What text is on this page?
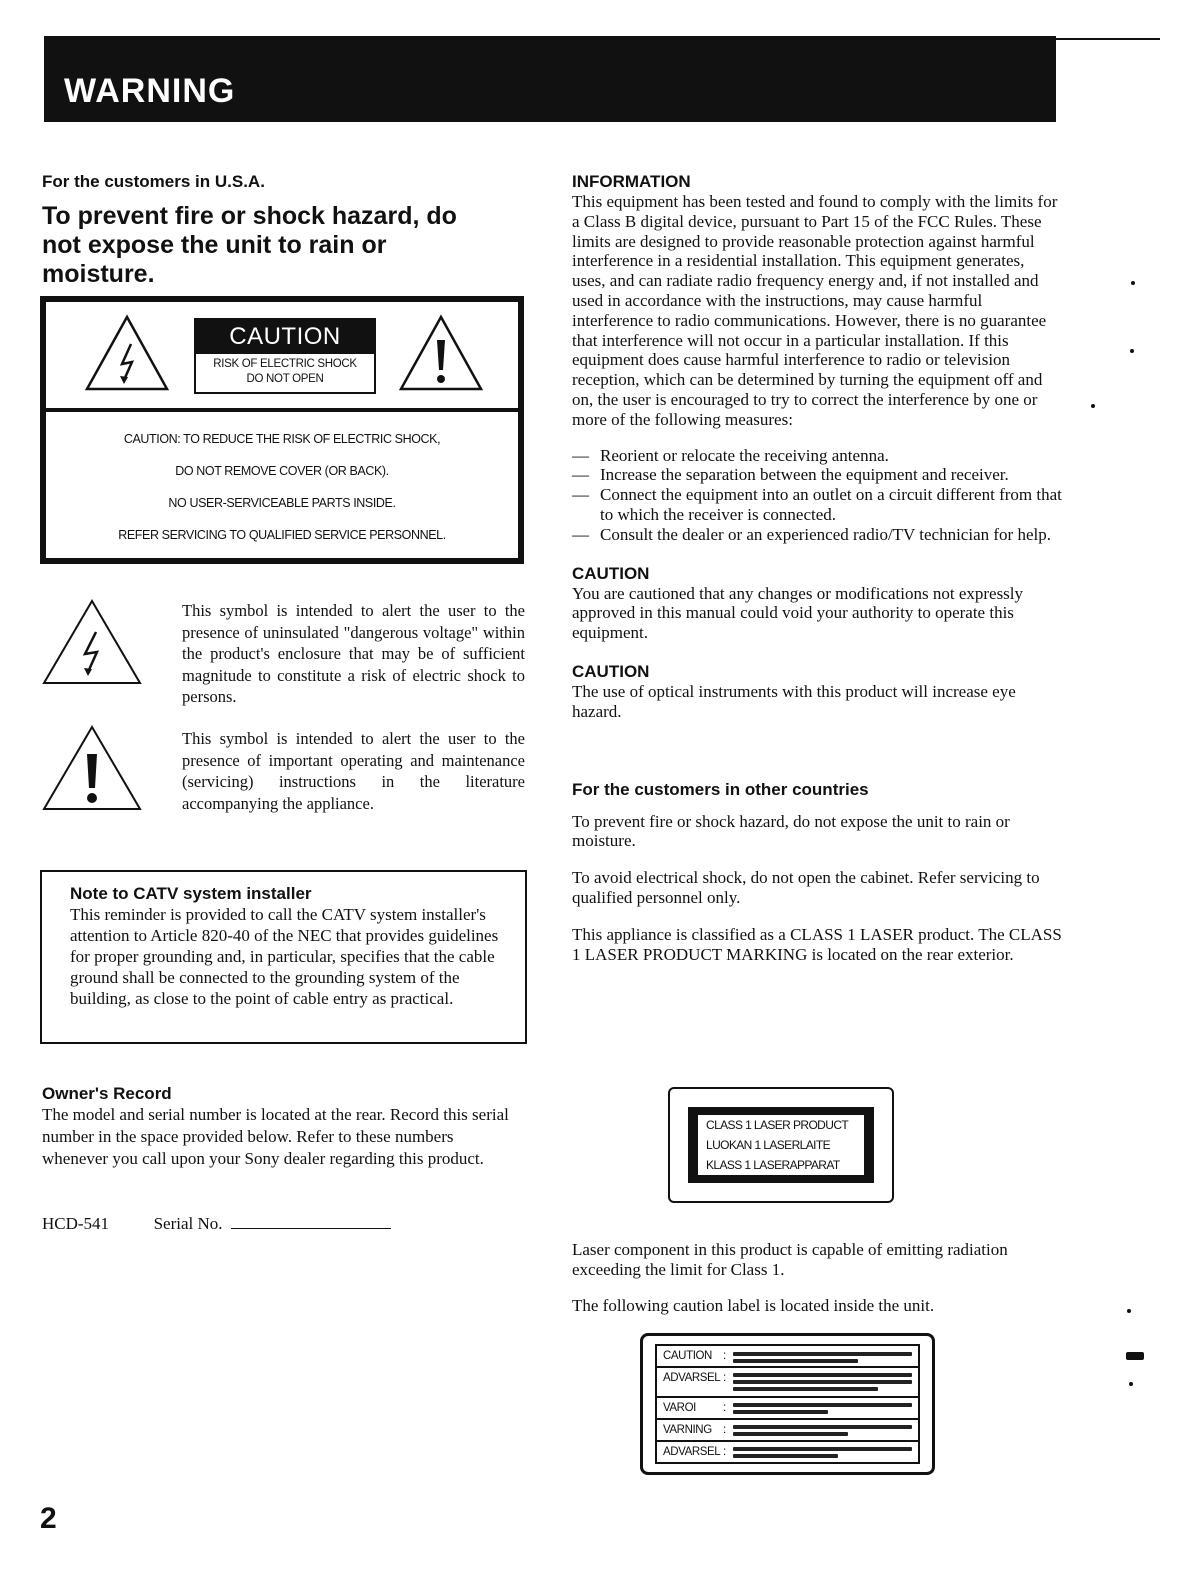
WARNING

For the customers in U.S.A.

To prevent fire or shock hazard, do not expose the unit to rain or moisture.

CAUTION
RISK OF ELECTRIC SHOCK
DO NOT OPEN
CAUTION: TO REDUCE THE RISK OF ELECTRIC SHOCK,
DO NOT REMOVE COVER (OR BACK).
NO USER-SERVICEABLE PARTS INSIDE.
REFER SERVICING TO QUALIFIED SERVICE PERSONNEL.
This symbol is intended to alert the user to the presence of uninsulated "dangerous voltage" within the product's enclosure that may be of sufficient magnitude to constitute a risk of electric shock to persons.
This symbol is intended to alert the user to the presence of important operating and maintenance (servicing) instructions in the literature accompanying the appliance.
Note to CATV system installer
This reminder is provided to call the CATV system installer's attention to Article 820-40 of the NEC that provides guidelines for proper grounding and, in particular, specifies that the cable ground shall be connected to the grounding system of the building, as close to the point of cable entry as practical.
Owner's Record
The model and serial number is located at the rear. Record this serial number in the space provided below. Refer to these numbers whenever you call upon your Sony dealer regarding this product.
HCD-541	Serial No.

INFORMATION

This equipment has been tested and found to comply with the limits for a Class B digital device, pursuant to Part 15 of the FCC Rules. These limits are designed to provide reasonable protection against harmful interference in a residential installation. This equipment generates, uses, and can radiate radio frequency energy and, if not installed and used in accordance with the instructions, may cause harmful interference to radio communications. However, there is no guarantee that interference will not occur in a particular installation. If this equipment does cause harmful interference to radio or television reception, which can be determined by turning the equipment off and on, the user is encouraged to try to correct the interference by one or more of the following measures:

— Reorient or relocate the receiving antenna.
— Increase the separation between the equipment and receiver.
— Connect the equipment into an outlet on a circuit different from that to which the receiver is connected.
— Consult the dealer or an experienced radio/TV technician for help.

CAUTION

You are cautioned that any changes or modifications not expressly approved in this manual could void your authority to operate this equipment.

CAUTION

The use of optical instruments with this product will increase eye hazard.

For the customers in other countries

To prevent fire or shock hazard, do not expose the unit to rain or moisture.

To avoid electrical shock, do not open the cabinet. Refer servicing to qualified personnel only.

This appliance is classified as a CLASS 1 LASER product. The CLASS 1 LASER PRODUCT MARKING is located on the rear exterior.

CLASS 1 LASER PRODUCT
LUOKAN 1 LASERLAITE
KLASS 1 LASERAPPARAT
Laser component in this product is capable of emitting radiation exceeding the limit for Class 1.
The following caution label is located inside the unit.
CAUTION :
ADVARSEL :
VAROI :
VARNING :
ADVARSEL :
2
